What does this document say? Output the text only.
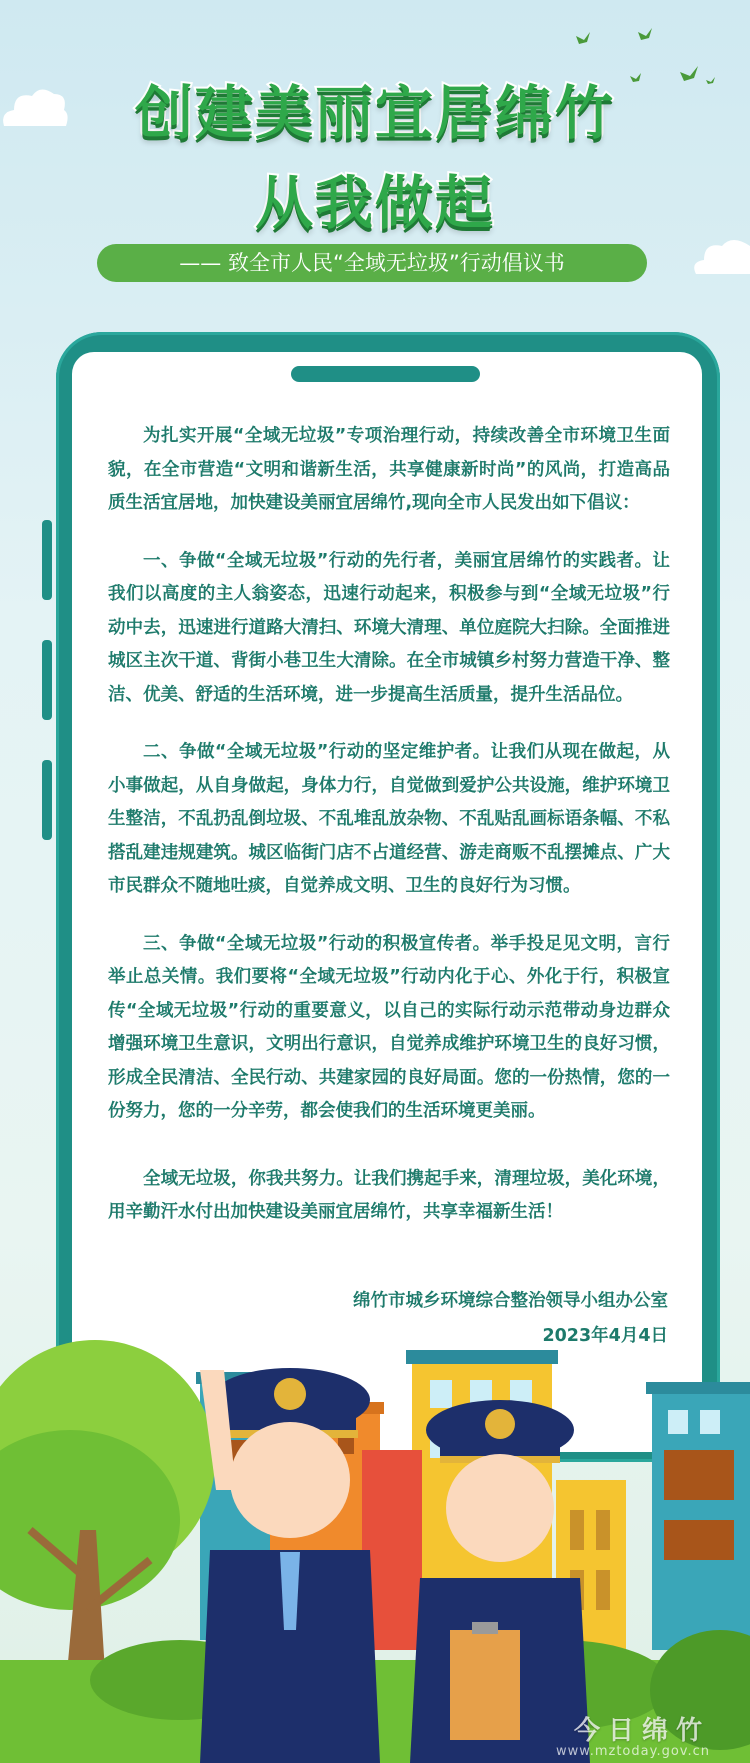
创建美丽宜居绵竹
从我做起
—— 致全市人民“全域无垃圾”行动倡议书

为扎实开展“全域无垃圾”专项治理行动，持续改善全市环境卫生面貌，在全市营造“文明和谐新生活，共享健康新时尚”的风尚，打造高品质生活宜居地，加快建设美丽宜居绵竹,现向全市人民发出如下倡议：

一、争做“全域无垃圾”行动的先行者，美丽宜居绵竹的实践者。让我们以高度的主人翁姿态，迅速行动起来，积极参与到“全域无垃圾”行动中去，迅速进行道路大清扫、环境大清理、单位庭院大扫除。全面推进城区主次干道、背街小巷卫生大清除。在全市城镇乡村努力营造干净、整洁、优美、舒适的生活环境，进一步提高生活质量，提升生活品位。

二、争做“全域无垃圾”行动的坚定维护者。让我们从现在做起，从小事做起，从自身做起，身体力行，自觉做到爱护公共设施，维护环境卫生整洁，不乱扔乱倒垃圾、不乱堆乱放杂物、不乱贴乱画标语条幅、不私搭乱建违规建筑。城区临街门店不占道经营、游走商贩不乱摆摊点、广大市民群众不随地吐痰，自觉养成文明、卫生的良好行为习惯。

三、争做“全域无垃圾”行动的积极宣传者。举手投足见文明，言行举止总关情。我们要将“全域无垃圾”行动内化于心、外化于行，积极宣传“全域无垃圾”行动的重要意义，以自己的实际行动示范带动身边群众增强环境卫生意识，文明出行意识，自觉养成维护环境卫生的良好习惯，形成全民清洁、全民行动、共建家园的良好局面。您的一份热情，您的一份努力，您的一分辛劳，都会使我们的生活环境更美丽。

全域无垃圾，你我共努力。让我们携起手来，清理垃圾，美化环境，用辛勤汗水付出加快建设美丽宜居绵竹，共享幸福新生活！

绵竹市城乡环境综合整治领导小组办公室
2023年4月4日
今日绵竹
www.mztoday.gov.cn
